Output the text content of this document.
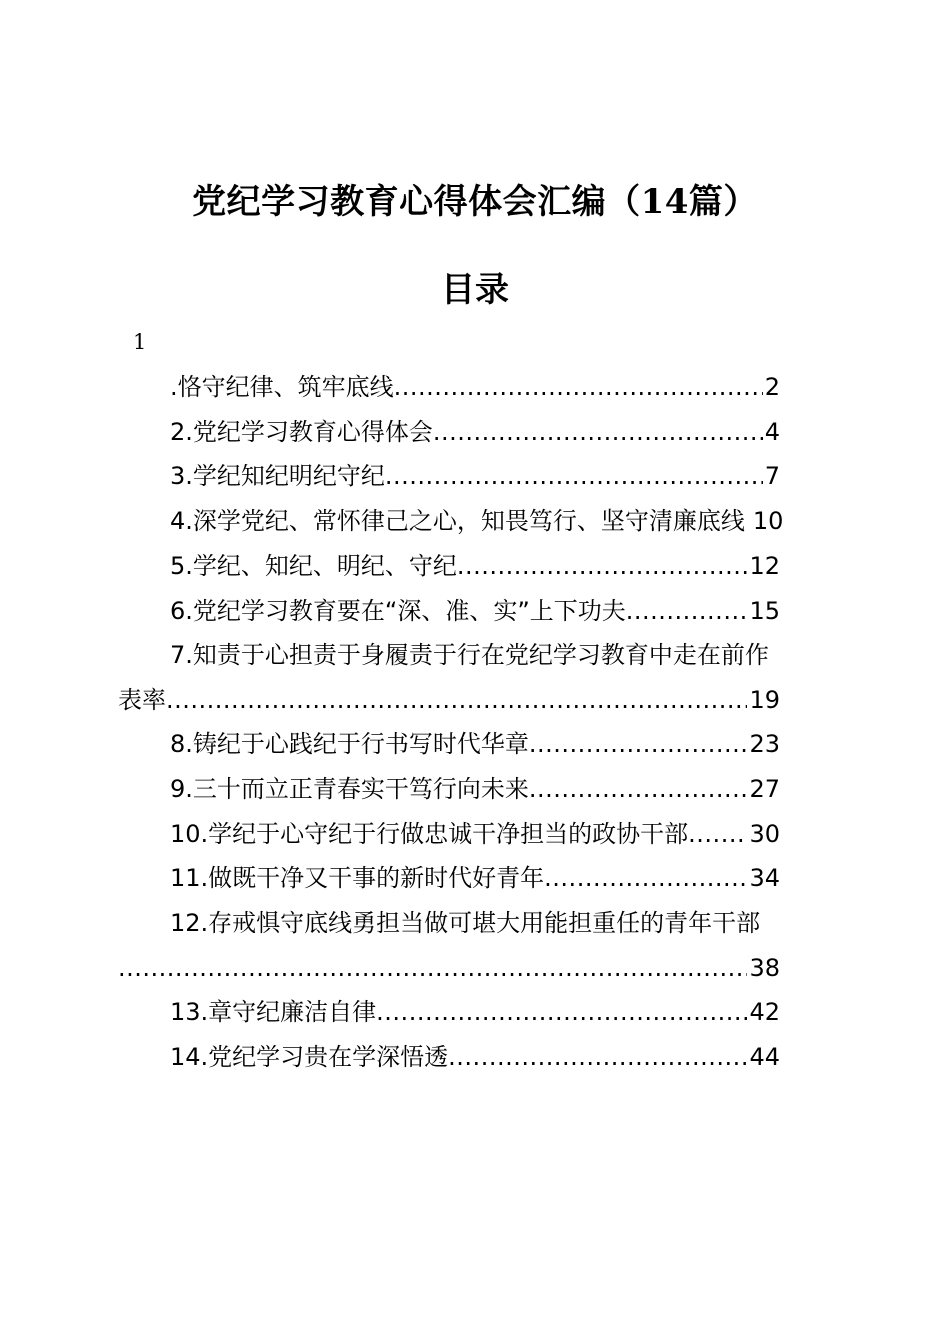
党纪学习教育心得体会汇编（14篇）
目录
1
.恪守纪律、筑牢底线 .....	2
2.党纪学习教育心得体会 .....	4
3.学纪知纪明纪守纪 .....	7
4.深学党纪、常怀律己之心，知畏笃行、坚守清廉底线 10
5.学纪、知纪、明纪、守纪 .....	12
6.党纪学习教育要在“深、准、实”上下功夫 .....	15
7.知责于心担责于身履责于行在党纪学习教育中走在前作
表率 .....	19
8.铸纪于心践纪于行书写时代华章 .....	23
9.三十而立正青春实干笃行向未来 .....	27
10.学纪于心守纪于行做忠诚干净担当的政协干部 .....	30
11.做既干净又干事的新时代好青年 .....	34
12.存戒惧守底线勇担当做可堪大用能担重任的青年干部
.....
38
13.章守纪廉洁自律 .....	42
14.党纪学习贵在学深悟透 .....	44
